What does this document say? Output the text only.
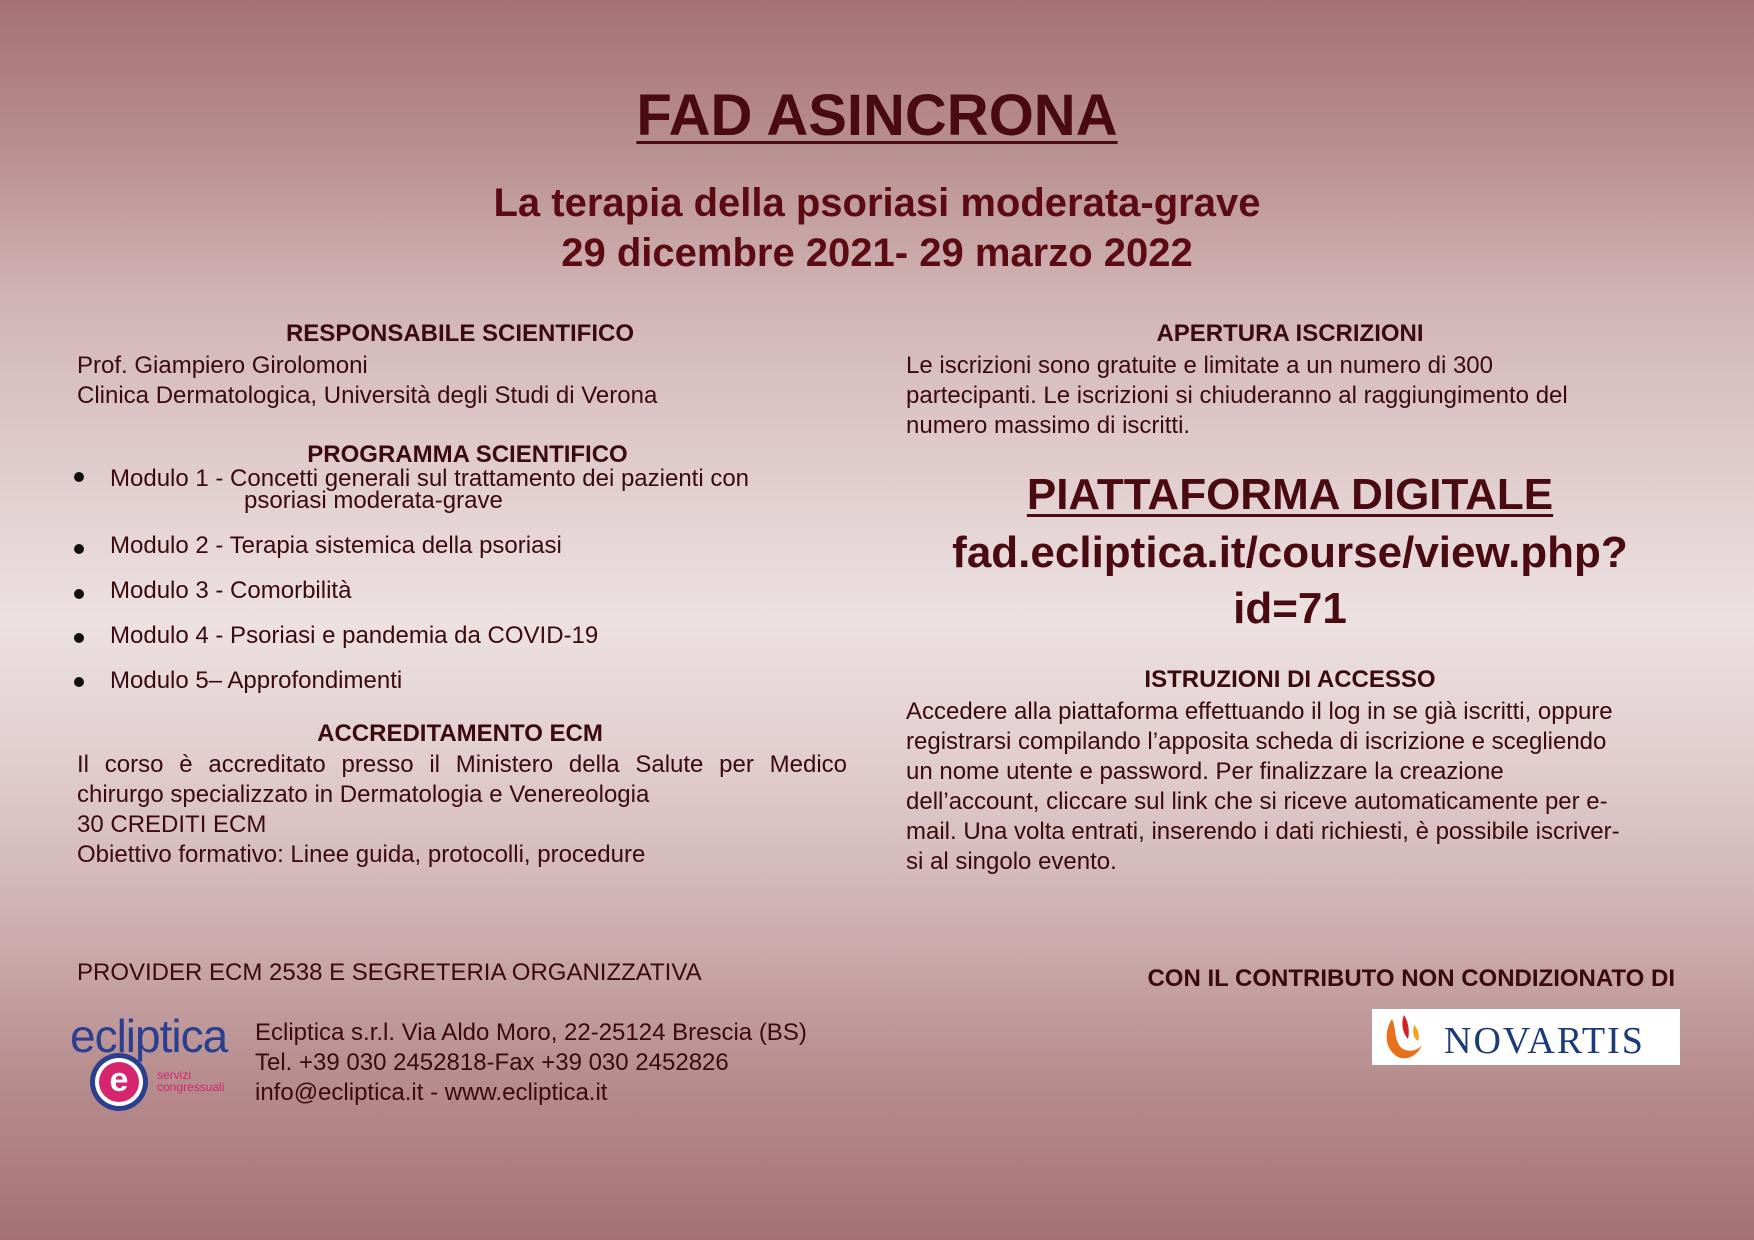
FAD ASINCRONA
La terapia della psoriasi moderata-grave
29 dicembre 2021- 29 marzo 2022
RESPONSABILE SCIENTIFICO
Prof. Giampiero Girolomoni
Clinica Dermatologica, Università degli Studi di Verona
PROGRAMMA SCIENTIFICO
Modulo 1 - Concetti generali sul trattamento dei pazienti con
psoriasi moderata-grave
Modulo 2 - Terapia sistemica della psoriasi
Modulo 3 - Comorbilità
Modulo 4 - Psoriasi e pandemia da COVID-19
Modulo 5– Approfondimenti
ACCREDITAMENTO ECM
Il corso è accreditato presso il Ministero della Salute per Medico
chirurgo specializzato in Dermatologia e Venereologia
30 CREDITI ECM
Obiettivo formativo: Linee guida, protocolli, procedure
APERTURA ISCRIZIONI
Le iscrizioni sono gratuite e limitate a un numero di 300
partecipanti. Le iscrizioni si chiuderanno al raggiungimento del
numero massimo di iscritti.
PIATTAFORMA DIGITALE
fad.ecliptica.it/course/view.php?
id=71
ISTRUZIONI DI ACCESSO
Accedere alla piattaforma effettuando il log in se già iscritti, oppure
registrarsi compilando l’apposita scheda di iscrizione e scegliendo
un nome utente e password. Per finalizzare la creazione
dell’account, cliccare sul link che si riceve automaticamente per e-
mail. Una volta entrati, inserendo i dati richiesti, è possibile iscriver-
si al singolo evento.
PROVIDER ECM 2538 E SEGRETERIA ORGANIZZATIVA
e
ecliptica
servizi
congressuali
Ecliptica s.r.l. Via Aldo Moro, 22-25124 Brescia (BS)
Tel. +39 030 2452818-Fax +39 030 2452826
info@ecliptica.it - www.ecliptica.it
CON IL CONTRIBUTO NON CONDIZIONATO DI
NOVARTIS
